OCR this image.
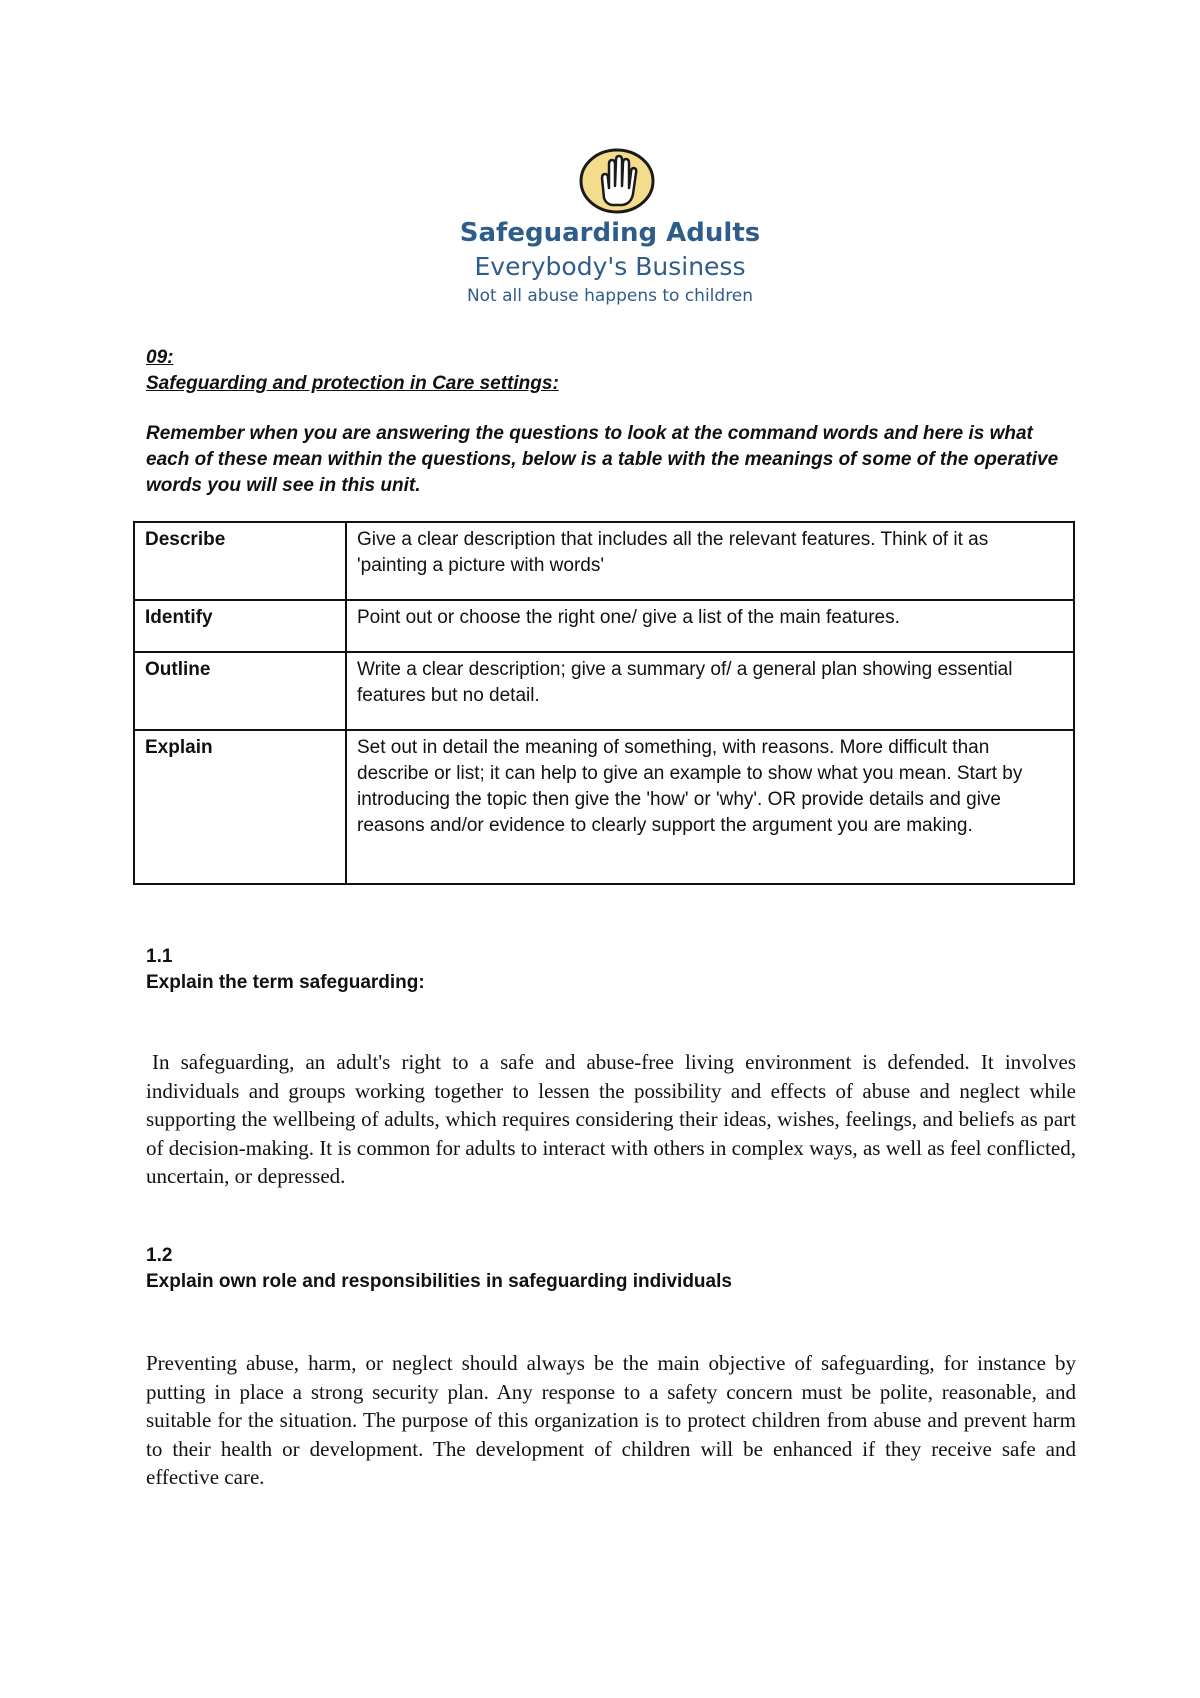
Safeguarding Adults
Everybody's Business
Not all abuse happens to children
09:
Safeguarding and protection in Care settings:
Remember when you are answering the questions to look at the command words and here is what each of these mean within the questions, below is a table with the meanings of some of the operative words you will see in this unit.
Describe	Give a clear description that includes all the relevant features. Think of it as 'painting a picture with words'
Identify	Point out or choose the right one/ give a list of the main features.
Outline	Write a clear description; give a summary of/ a general plan showing essential features but no detail.
Explain	Set out in detail the meaning of something, with reasons. More difficult than describe or list; it can help to give an example to show what you mean. Start by introducing the topic then give the 'how' or 'why'. OR provide details and give reasons and/or evidence to clearly support the argument you are making.
1.1
Explain the term safeguarding:
In safeguarding, an adult's right to a safe and abuse-free living environment is defended. It involves individuals and groups working together to lessen the possibility and effects of abuse and neglect while supporting the wellbeing of adults, which requires considering their ideas, wishes, feelings, and beliefs as part of decision-making. It is common for adults to interact with others in complex ways, as well as feel conflicted, uncertain, or depressed.
1.2
Explain own role and responsibilities in safeguarding individuals
Preventing abuse, harm, or neglect should always be the main objective of safeguarding, for instance by putting in place a strong security plan. Any response to a safety concern must be polite, reasonable, and suitable for the situation. The purpose of this organization is to protect children from abuse and prevent harm to their health or development. The development of children will be enhanced if they receive safe and effective care.
